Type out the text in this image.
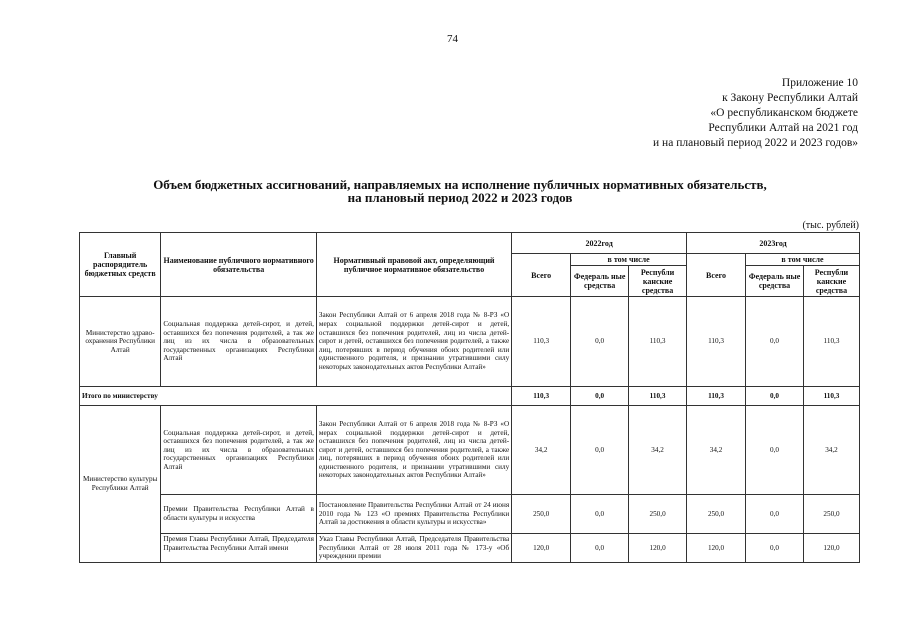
74
Приложение 10
к Закону Республики Алтай
«О республиканском бюджете
Республики Алтай на 2021 год
и на плановый период 2022 и 2023 годов»
Объем бюджетных ассигнований, направляемых на исполнение публичных нормативных обязательств,
на плановый период 2022 и 2023 годов
(тыс. рублей)
Главный распорядитель бюджетных средств	Наименование публичного нормативного обязательства	Нормативный правовой акт, определяющий публичное нормативное обязательство	2022год			2023год		
			Всего	в том числе		Всего	в том числе	
				Федераль ные средства	Республи канские средства		Федераль ные средства	Республи канские средства
Министерство здраво-охранения Республики Алтай	Социальная поддержка детей-сирот, и детей, оставшихся без попечения родителей, а так же лиц из их числа в образовательных государственных организациях Республики Алтай	Закон Республики Алтай от 6 апреля 2018 года № 8-РЗ «О мерах социальной поддержки детей-сирот и детей, оставшихся без попечения родителей, лиц из числа детей-сирот и детей, оставшихся без попечения родителей, а также лиц, потерявших в период обучения обоих родителей или единственного родителя, и признании утратившими силу некоторых законодательных актов Республики Алтай»	110,3	0,0	110,3	110,3	0,0	110,3
Итого по министерству			110,3	0,0	110,3	110,3	0,0	110,3
Министерство культуры Республики Алтай	Социальная поддержка детей-сирот, и детей, оставшихся без попечения родителей, а так же лиц из их числа в образовательных государственных организациях Республики Алтай	Закон Республики Алтай от 6 апреля 2018 года № 8-РЗ «О мерах социальной поддержки детей-сирот и детей, оставшихся без попечения родителей, лиц из числа детей-сирот и детей, оставшихся без попечения родителей, а также лиц, потерявших в период обучения обоих родителей или единственного родителя, и признании утратившими силу некоторых законодательных актов Республики Алтай»	34,2	0,0	34,2	34,2	0,0	34,2
	Премии Правительства Республики Алтай в области культуры и искусства	Постановление Правительства Республики Алтай от 24 июня 2010 года № 123 «О премиях Правительства Республики Алтай за достижения в области культуры и искусства»	250,0	0,0	250,0	250,0	0,0	250,0
	Премия Главы Республики Алтай, Председателя Правительства Республики Алтай имени	Указ Главы Республики Алтай, Председателя Правительства Республики Алтай от 28 июля 2011 года № 173-у «Об учреждении премии	120,0	0,0	120,0	120,0	0,0	120,0
